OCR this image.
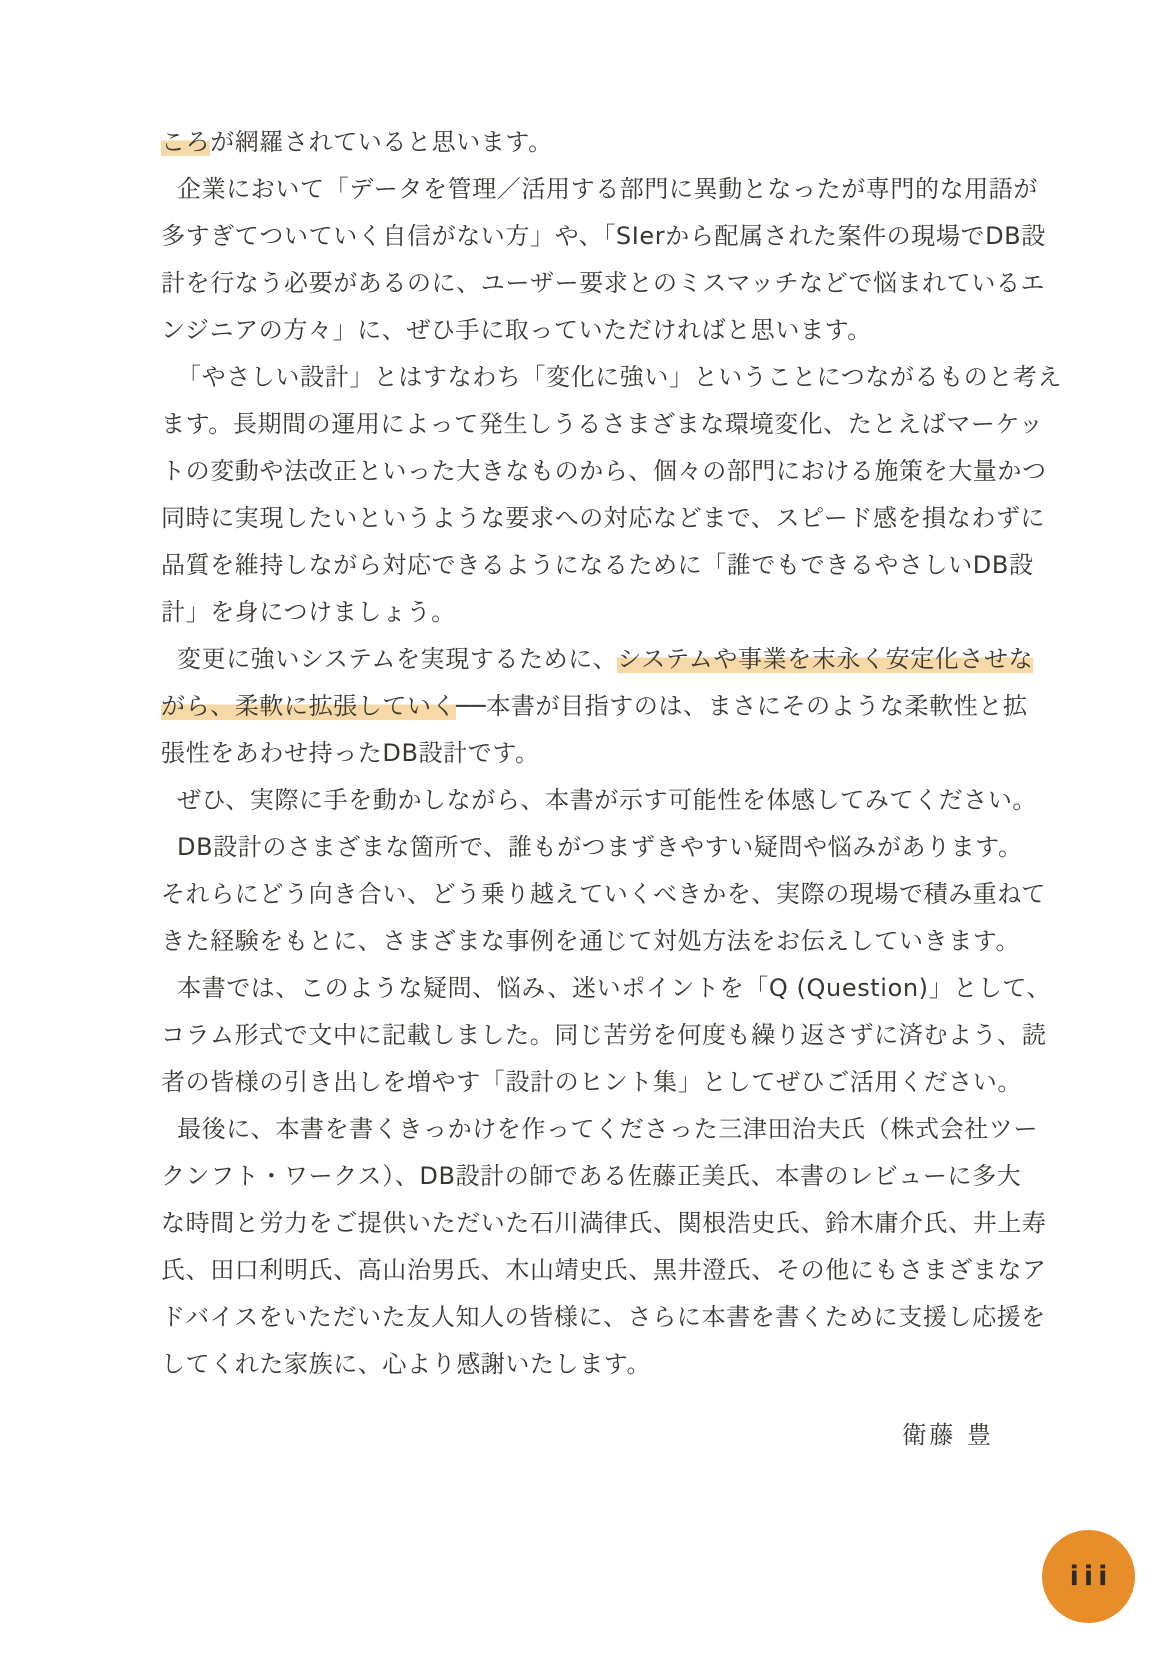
ころが網羅されていると思います。
企業において「データを管理／活用する部門に異動となったが専門的な用語が
多すぎてついていく自信がない方」や、「SIerから配属された案件の現場でDB設
計を行なう必要があるのに、ユーザー要求とのミスマッチなどで悩まれているエ
ンジニアの方々」に、ぜひ手に取っていただければと思います。
「やさしい設計」とはすなわち「変化に強い」ということにつながるものと考え
ます。長期間の運用によって発生しうるさまざまな環境変化、たとえばマーケッ
トの変動や法改正といった大きなものから、個々の部門における施策を大量かつ
同時に実現したいというような要求への対応などまで、スピード感を損なわずに
品質を維持しながら対応できるようになるために「誰でもできるやさしいDB設
計」を身につけましょう。
変更に強いシステムを実現するために、システムや事業を末永く安定化させな
がら、柔軟に拡張していく──本書が目指すのは、まさにそのような柔軟性と拡
張性をあわせ持ったDB設計です。
ぜひ、実際に手を動かしながら、本書が示す可能性を体感してみてください。
DB設計のさまざまな箇所で、誰もがつまずきやすい疑問や悩みがあります。
それらにどう向き合い、どう乗り越えていくべきかを、実際の現場で積み重ねて
きた経験をもとに、さまざまな事例を通じて対処方法をお伝えしていきます。
本書では、このような疑問、悩み、迷いポイントを「Q (Question)」として、
コラム形式で文中に記載しました。同じ苦労を何度も繰り返さずに済むよう、読
者の皆様の引き出しを増やす「設計のヒント集」としてぜひご活用ください。
最後に、本書を書くきっかけを作ってくださった三津田治夫氏（株式会社ツー
クンフト・ワークス）、DB設計の師である佐藤正美氏、本書のレビューに多大
な時間と労力をご提供いただいた石川満律氏、関根浩史氏、鈴木庸介氏、井上寿
氏、田口利明氏、高山治男氏、木山靖史氏、黒井澄氏、その他にもさまざまなア
ドバイスをいただいた友人知人の皆様に、さらに本書を書くために支援し応援を
してくれた家族に、心より感謝いたします。
衛藤 豊
iii
